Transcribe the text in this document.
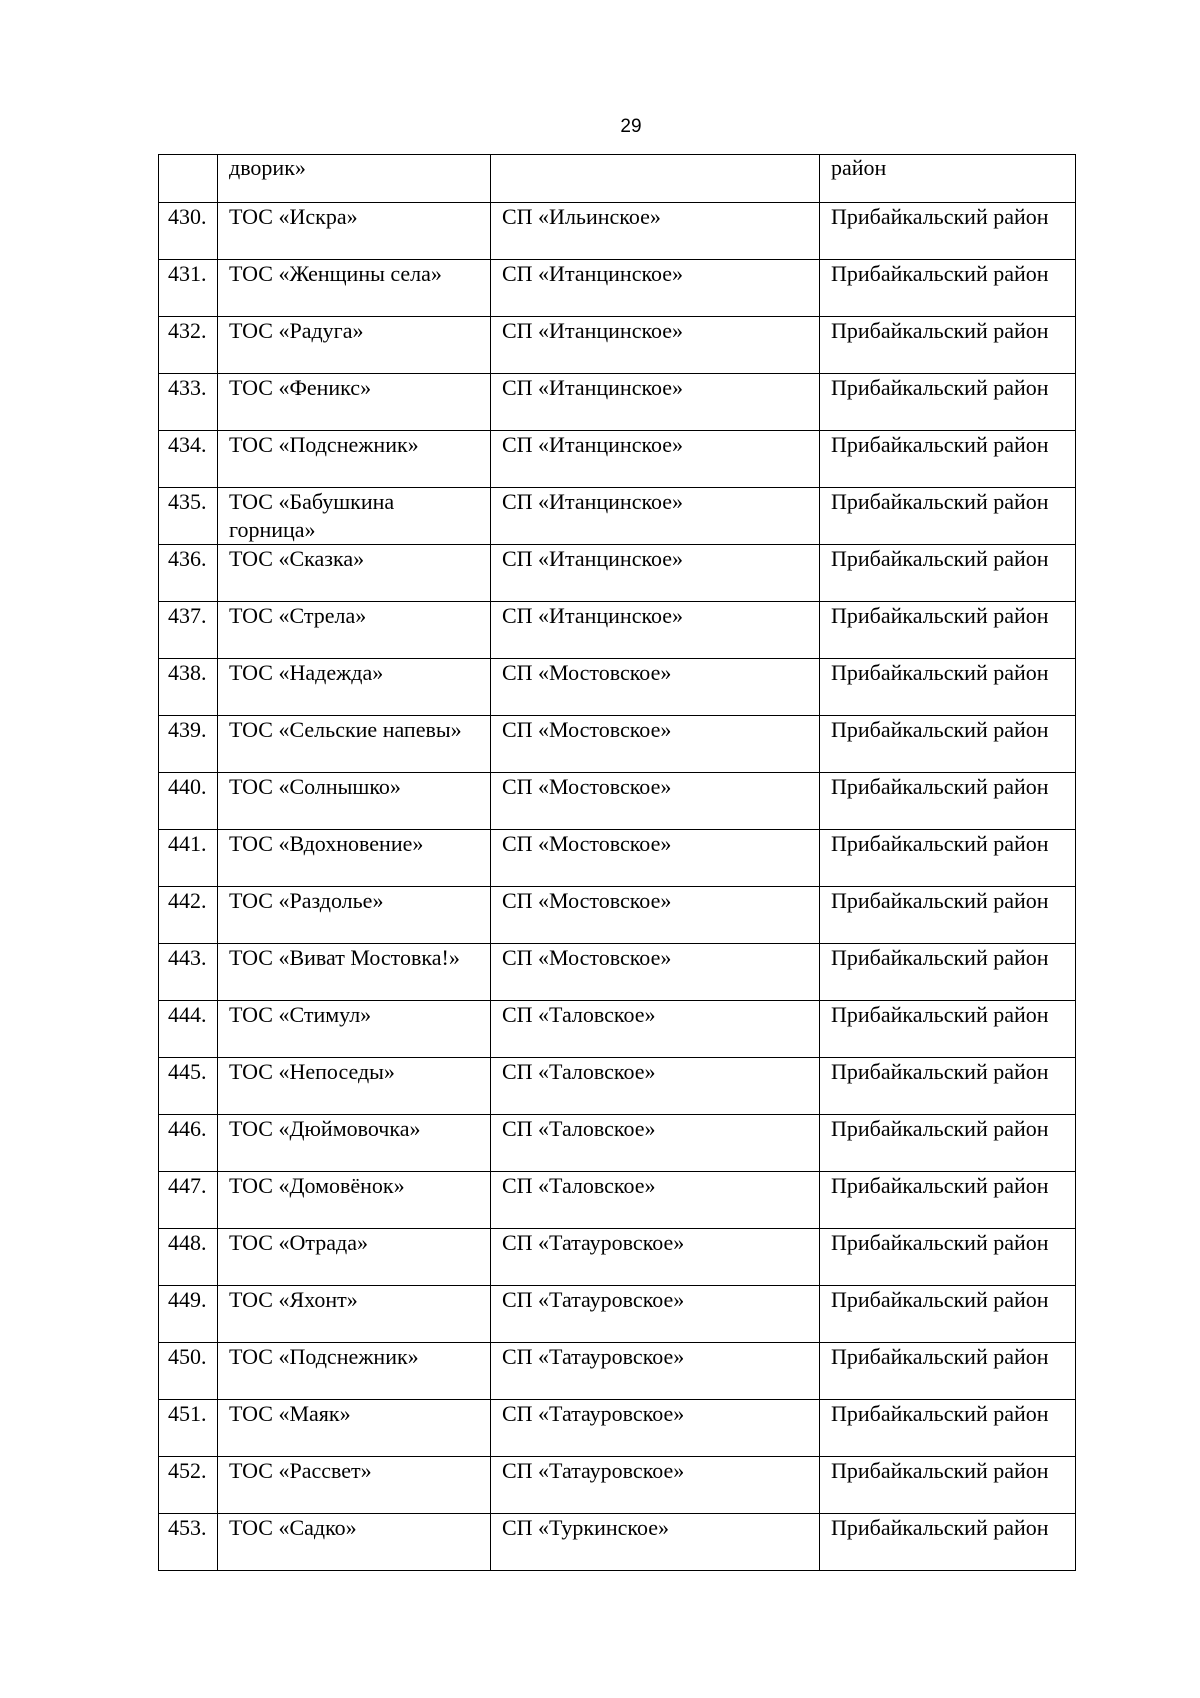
29
	дворик»		район
430.	ТОС «Искра»	СП «Ильинское»	Прибайкальский район
431.	ТОС «Женщины села»	СП «Итанцинское»	Прибайкальский район
432.	ТОС «Радуга»	СП «Итанцинское»	Прибайкальский район
433.	ТОС «Феникс»	СП «Итанцинское»	Прибайкальский район
434.	ТОС «Подснежник»	СП «Итанцинское»	Прибайкальский район
435.	ТОС «Бабушкина горница»	СП «Итанцинское»	Прибайкальский район
436.	ТОС «Сказка»	СП «Итанцинское»	Прибайкальский район
437.	ТОС «Стрела»	СП «Итанцинское»	Прибайкальский район
438.	ТОС «Надежда»	СП «Мостовское»	Прибайкальский район
439.	ТОС «Сельские напевы»	СП «Мостовское»	Прибайкальский район
440.	ТОС «Солнышко»	СП «Мостовское»	Прибайкальский район
441.	ТОС «Вдохновение»	СП «Мостовское»	Прибайкальский район
442.	ТОС «Раздолье»	СП «Мостовское»	Прибайкальский район
443.	ТОС «Виват Мостовка!»	СП «Мостовское»	Прибайкальский район
444.	ТОС «Стимул»	СП «Таловское»	Прибайкальский район
445.	ТОС «Непоседы»	СП «Таловское»	Прибайкальский район
446.	ТОС «Дюймовочка»	СП «Таловское»	Прибайкальский район
447.	ТОС «Домовёнок»	СП «Таловское»	Прибайкальский район
448.	ТОС «Отрада»	СП «Татауровское»	Прибайкальский район
449.	ТОС «Яхонт»	СП «Татауровское»	Прибайкальский район
450.	ТОС «Подснежник»	СП «Татауровское»	Прибайкальский район
451.	ТОС «Маяк»	СП «Татауровское»	Прибайкальский район
452.	ТОС «Рассвет»	СП «Татауровское»	Прибайкальский район
453.	ТОС «Садко»	СП «Туркинское»	Прибайкальский район
